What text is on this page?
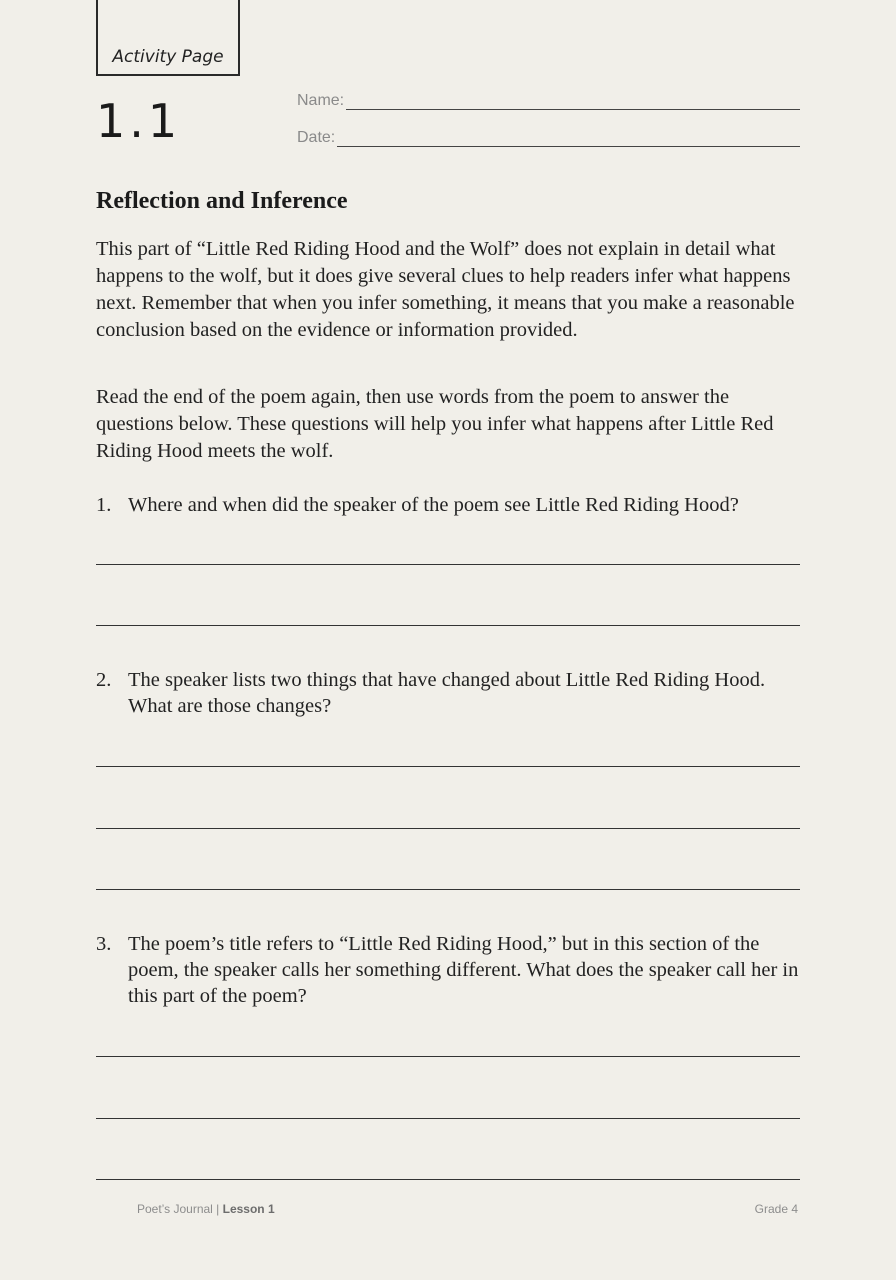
Activity Page
1.1	Name:
Date:
Reflection and Inference

This part of “Little Red Riding Hood and the Wolf” does not explain in detail what happens to the wolf, but it does give several clues to help readers infer what happens next. Remember that when you infer something, it means that you make a reasonable conclusion based on the evidence or information provided.

Read the end of the poem again, then use words from the poem to answer the questions below. These questions will help you infer what happens after Little Red Riding Hood meets the wolf.

1. Where and when did the speaker of the poem see Little Red Riding Hood?
2. The speaker lists two things that have changed about Little Red Riding Hood. What are those changes?
3. The poem’s title refers to “Little Red Riding Hood,” but in this section of the poem, the speaker calls her something different. What does the speaker call her in this part of the poem?
Poet’s Journal | Lesson 1	Grade 4
